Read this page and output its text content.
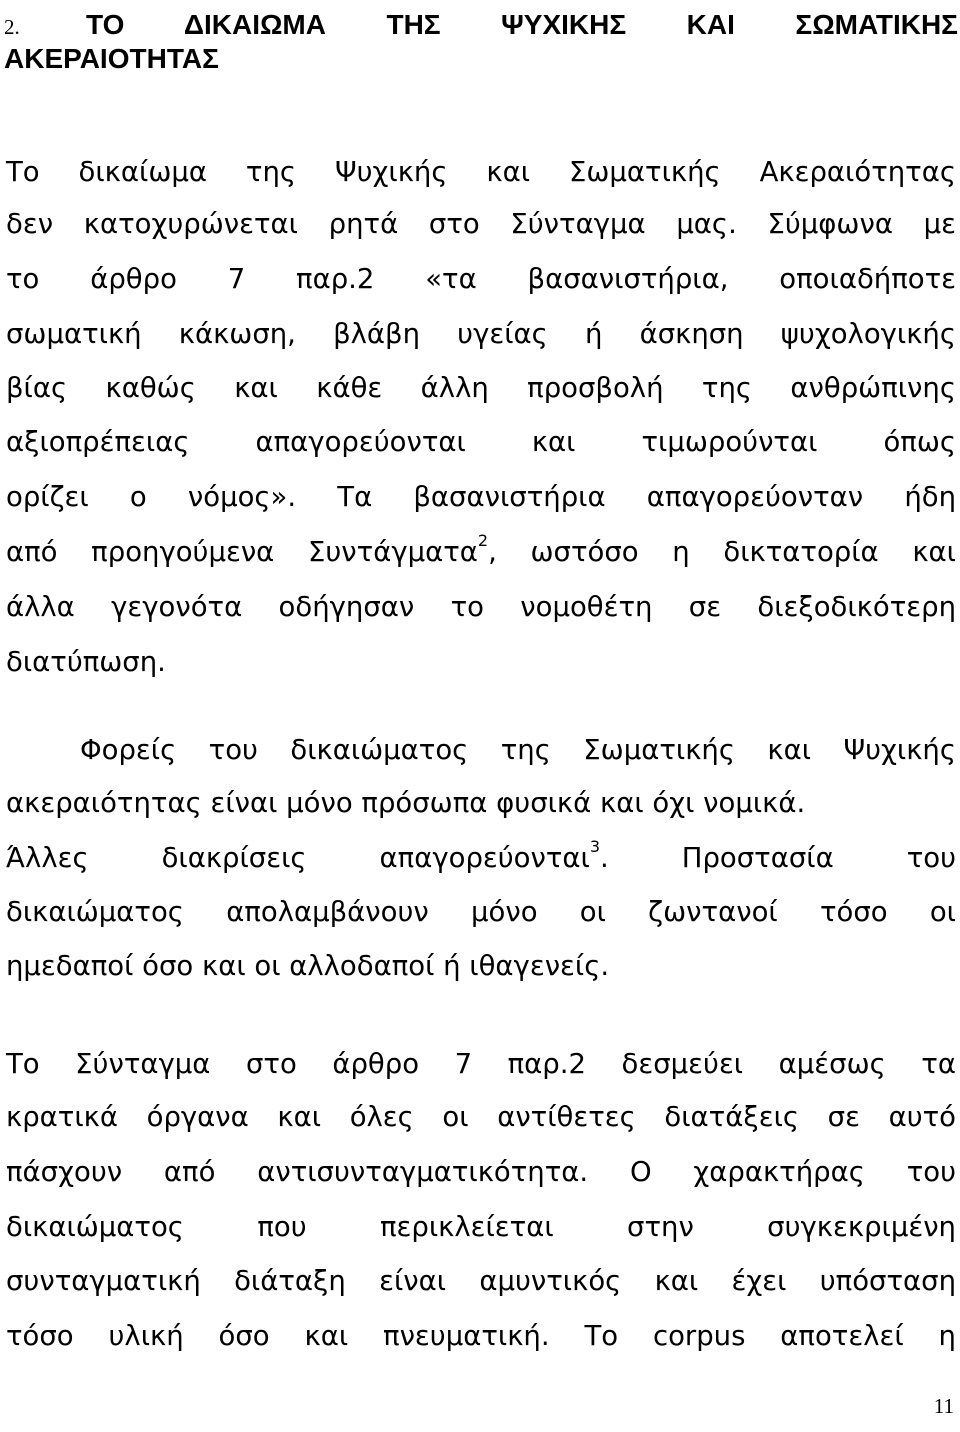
2. ΤΟ ΔΙΚΑΙΩΜΑ ΤΗΣ ΨΥΧΙΚΗΣ ΚΑΙ ΣΩΜΑΤΙΚΗΣ
ΑΚΕΡΑΙΟΤΗΤΑΣ
Το δικαίωμα της Ψυχικής και Σωματικής Ακεραιότητας
δεν κατοχυρώνεται ρητά στο Σύνταγμα μας. Σύμφωνα με
το άρθρο 7 παρ.2 «τα βασανιστήρια, οποιαδήποτε
σωματική κάκωση, βλάβη υγείας ή άσκηση ψυχολογικής
βίας καθώς και κάθε άλλη προσβολή της ανθρώπινης
αξιοπρέπειας απαγορεύονται και τιμωρούνται όπως
ορίζει ο νόμος». Τα βασανιστήρια απαγορεύονταν ήδη
από προηγούμενα Συντάγματα$^2$, ωστόσο η δικτατορία και
άλλα γεγονότα οδήγησαν το νομοθέτη σε διεξοδικότερη
διατύπωση.
Φορείς του δικαιώματος της Σωματικής και Ψυχικής
ακεραιότητας είναι μόνο πρόσωπα φυσικά και όχι νομικά.
Άλλες διακρίσεις απαγορεύονται$^3$. Προστασία του
δικαιώματος απολαμβάνουν μόνο οι ζωντανοί τόσο οι
ημεδαποί όσο και οι αλλοδαποί ή ιθαγενείς.
Το Σύνταγμα στο άρθρο 7 παρ.2 δεσμεύει αμέσως τα
κρατικά όργανα και όλες οι αντίθετες διατάξεις σε αυτό
πάσχουν από αντισυνταγματικότητα. Ο χαρακτήρας του
δικαιώματος που περικλείεται στην συγκεκριμένη
συνταγματική διάταξη είναι αμυντικός και έχει υπόσταση
τόσο υλική όσο και πνευματική. Το corpus αποτελεί η
11
